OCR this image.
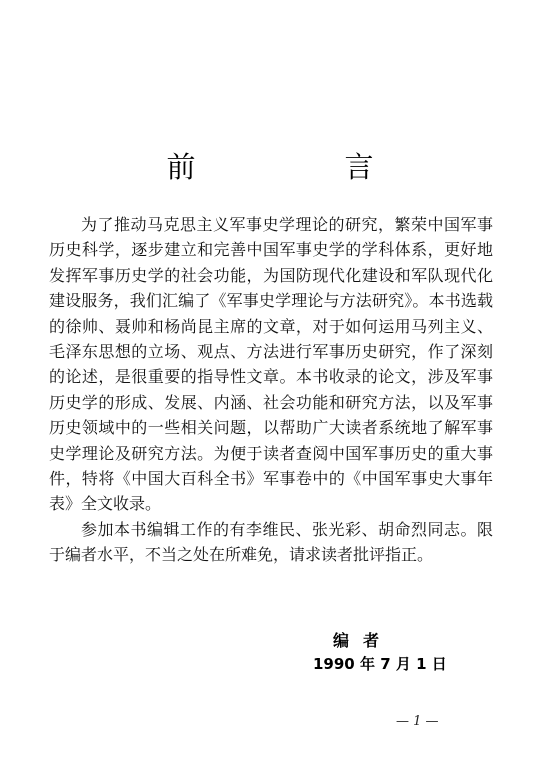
前　言

为了推动马克思主义军事史学理论的研究，繁荣中国军事历史科学，逐步建立和完善中国军事史学的学科体系，更好地发挥军事历史学的社会功能，为国防现代化建设和军队现代化建设服务，我们汇编了《军事史学理论与方法研究》。本书选载的徐帅、聂帅和杨尚昆主席的文章，对于如何运用马列主义、毛泽东思想的立场、观点、方法进行军事历史研究，作了深刻的论述，是很重要的指导性文章。本书收录的论文，涉及军事历史学的形成、发展、内涵、社会功能和研究方法，以及军事历史领域中的一些相关问题，以帮助广大读者系统地了解军事史学理论及研究方法。为便于读者查阅中国军事历史的重大事件，特将《中国大百科全书》军事卷中的《中国军事史大事年表》全文收录。

参加本书编辑工作的有李维民、张光彩、胡命烈同志。限于编者水平，不当之处在所难免，请求读者批评指正。

编者
1990 年 7 月 1 日
— 1 —
